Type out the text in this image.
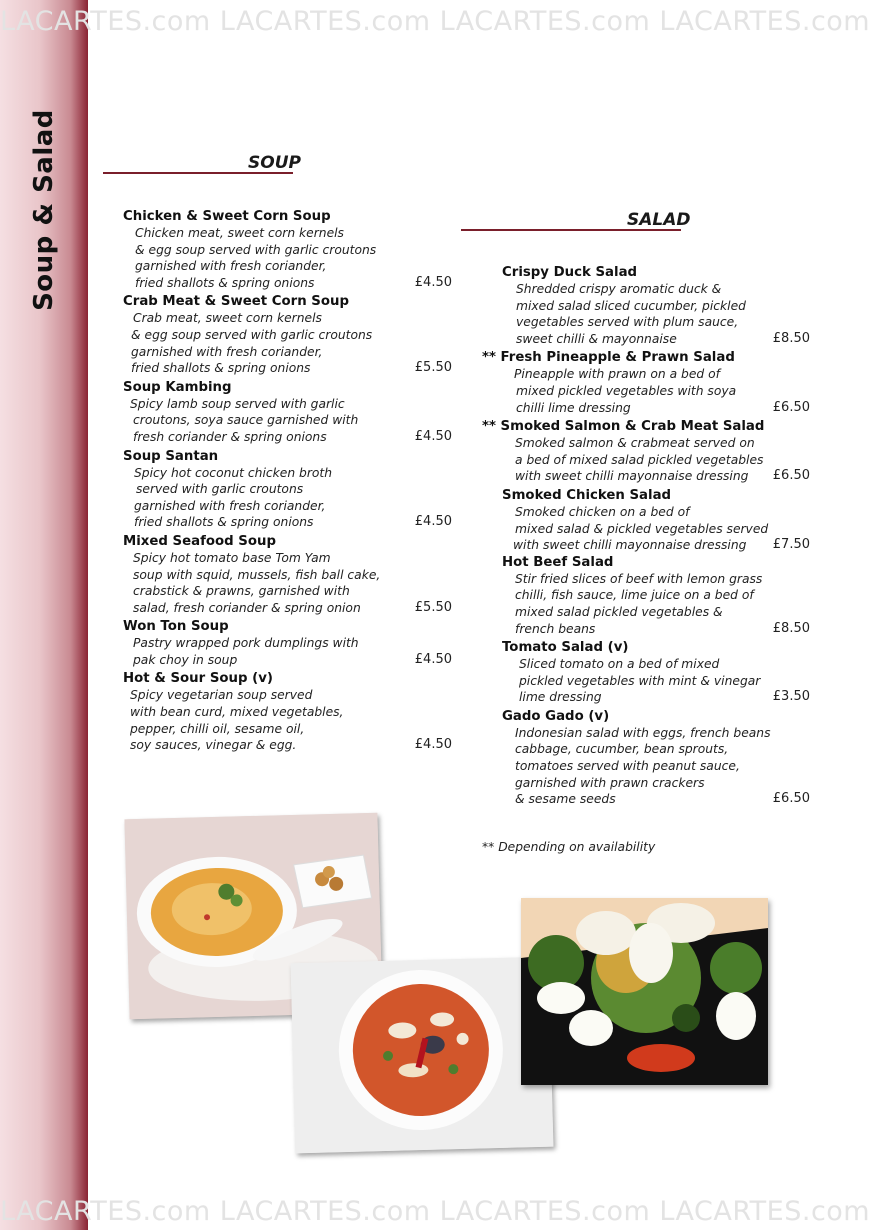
Soup & Salad
LACARTES.com LACARTES.com LACARTES.com LACARTES.com
LACARTES.com LACARTES.com LACARTES.com LACARTES.com
SOUP
SALAD
Chicken & Sweet Corn Soup
Chicken meat, sweet corn kernels
& egg soup served with garlic croutons
garnished with fresh coriander,
fried shallots & spring onions	£4.50
Crab Meat & Sweet Corn Soup
Crab meat, sweet corn kernels
& egg soup served with garlic croutons
garnished with fresh coriander,
fried shallots & spring onions	£5.50
Soup Kambing
Spicy lamb soup served with garlic
croutons, soya sauce garnished with
fresh coriander & spring onions	£4.50
Soup Santan
Spicy hot coconut chicken broth
served with garlic croutons
garnished with fresh coriander,
fried shallots & spring onions	£4.50
Mixed Seafood Soup
Spicy hot tomato base Tom Yam
soup with squid, mussels, fish ball cake,
crabstick & prawns, garnished with
salad, fresh coriander & spring onion	£5.50
Won Ton Soup
Pastry wrapped pork dumplings with
pak choy in soup	£4.50
Hot & Sour Soup (v)
Spicy vegetarian soup served
with bean curd, mixed vegetables,
pepper, chilli oil, sesame oil,
soy sauces, vinegar & egg.	£4.50
Crispy Duck Salad
Shredded crispy aromatic duck &
mixed salad sliced cucumber, pickled
vegetables served with plum sauce,
sweet chilli & mayonnaise	£8.50
** Fresh Pineapple & Prawn Salad
Pineapple with prawn on a bed of
mixed pickled vegetables with soya
chilli lime dressing	£6.50
** Smoked Salmon & Crab Meat Salad
Smoked salmon & crabmeat served on
a bed of mixed salad pickled vegetables
with sweet chilli mayonnaise dressing	£6.50
Smoked Chicken Salad
Smoked chicken on a bed of
mixed salad & pickled vegetables served
with sweet chilli mayonnaise dressing	£7.50
Hot Beef Salad
Stir fried slices of beef with lemon grass
chilli, fish sauce, lime juice on a bed of
mixed salad pickled vegetables &
french beans	£8.50
Tomato Salad (v)
Sliced tomato on a bed of mixed
pickled vegetables with mint & vinegar
lime dressing	£3.50
Gado Gado (v)
Indonesian salad with eggs, french beans
cabbage, cucumber, bean sprouts,
tomatoes served with peanut sauce,
garnished with prawn crackers
& sesame seeds	£6.50
** Depending on availability
